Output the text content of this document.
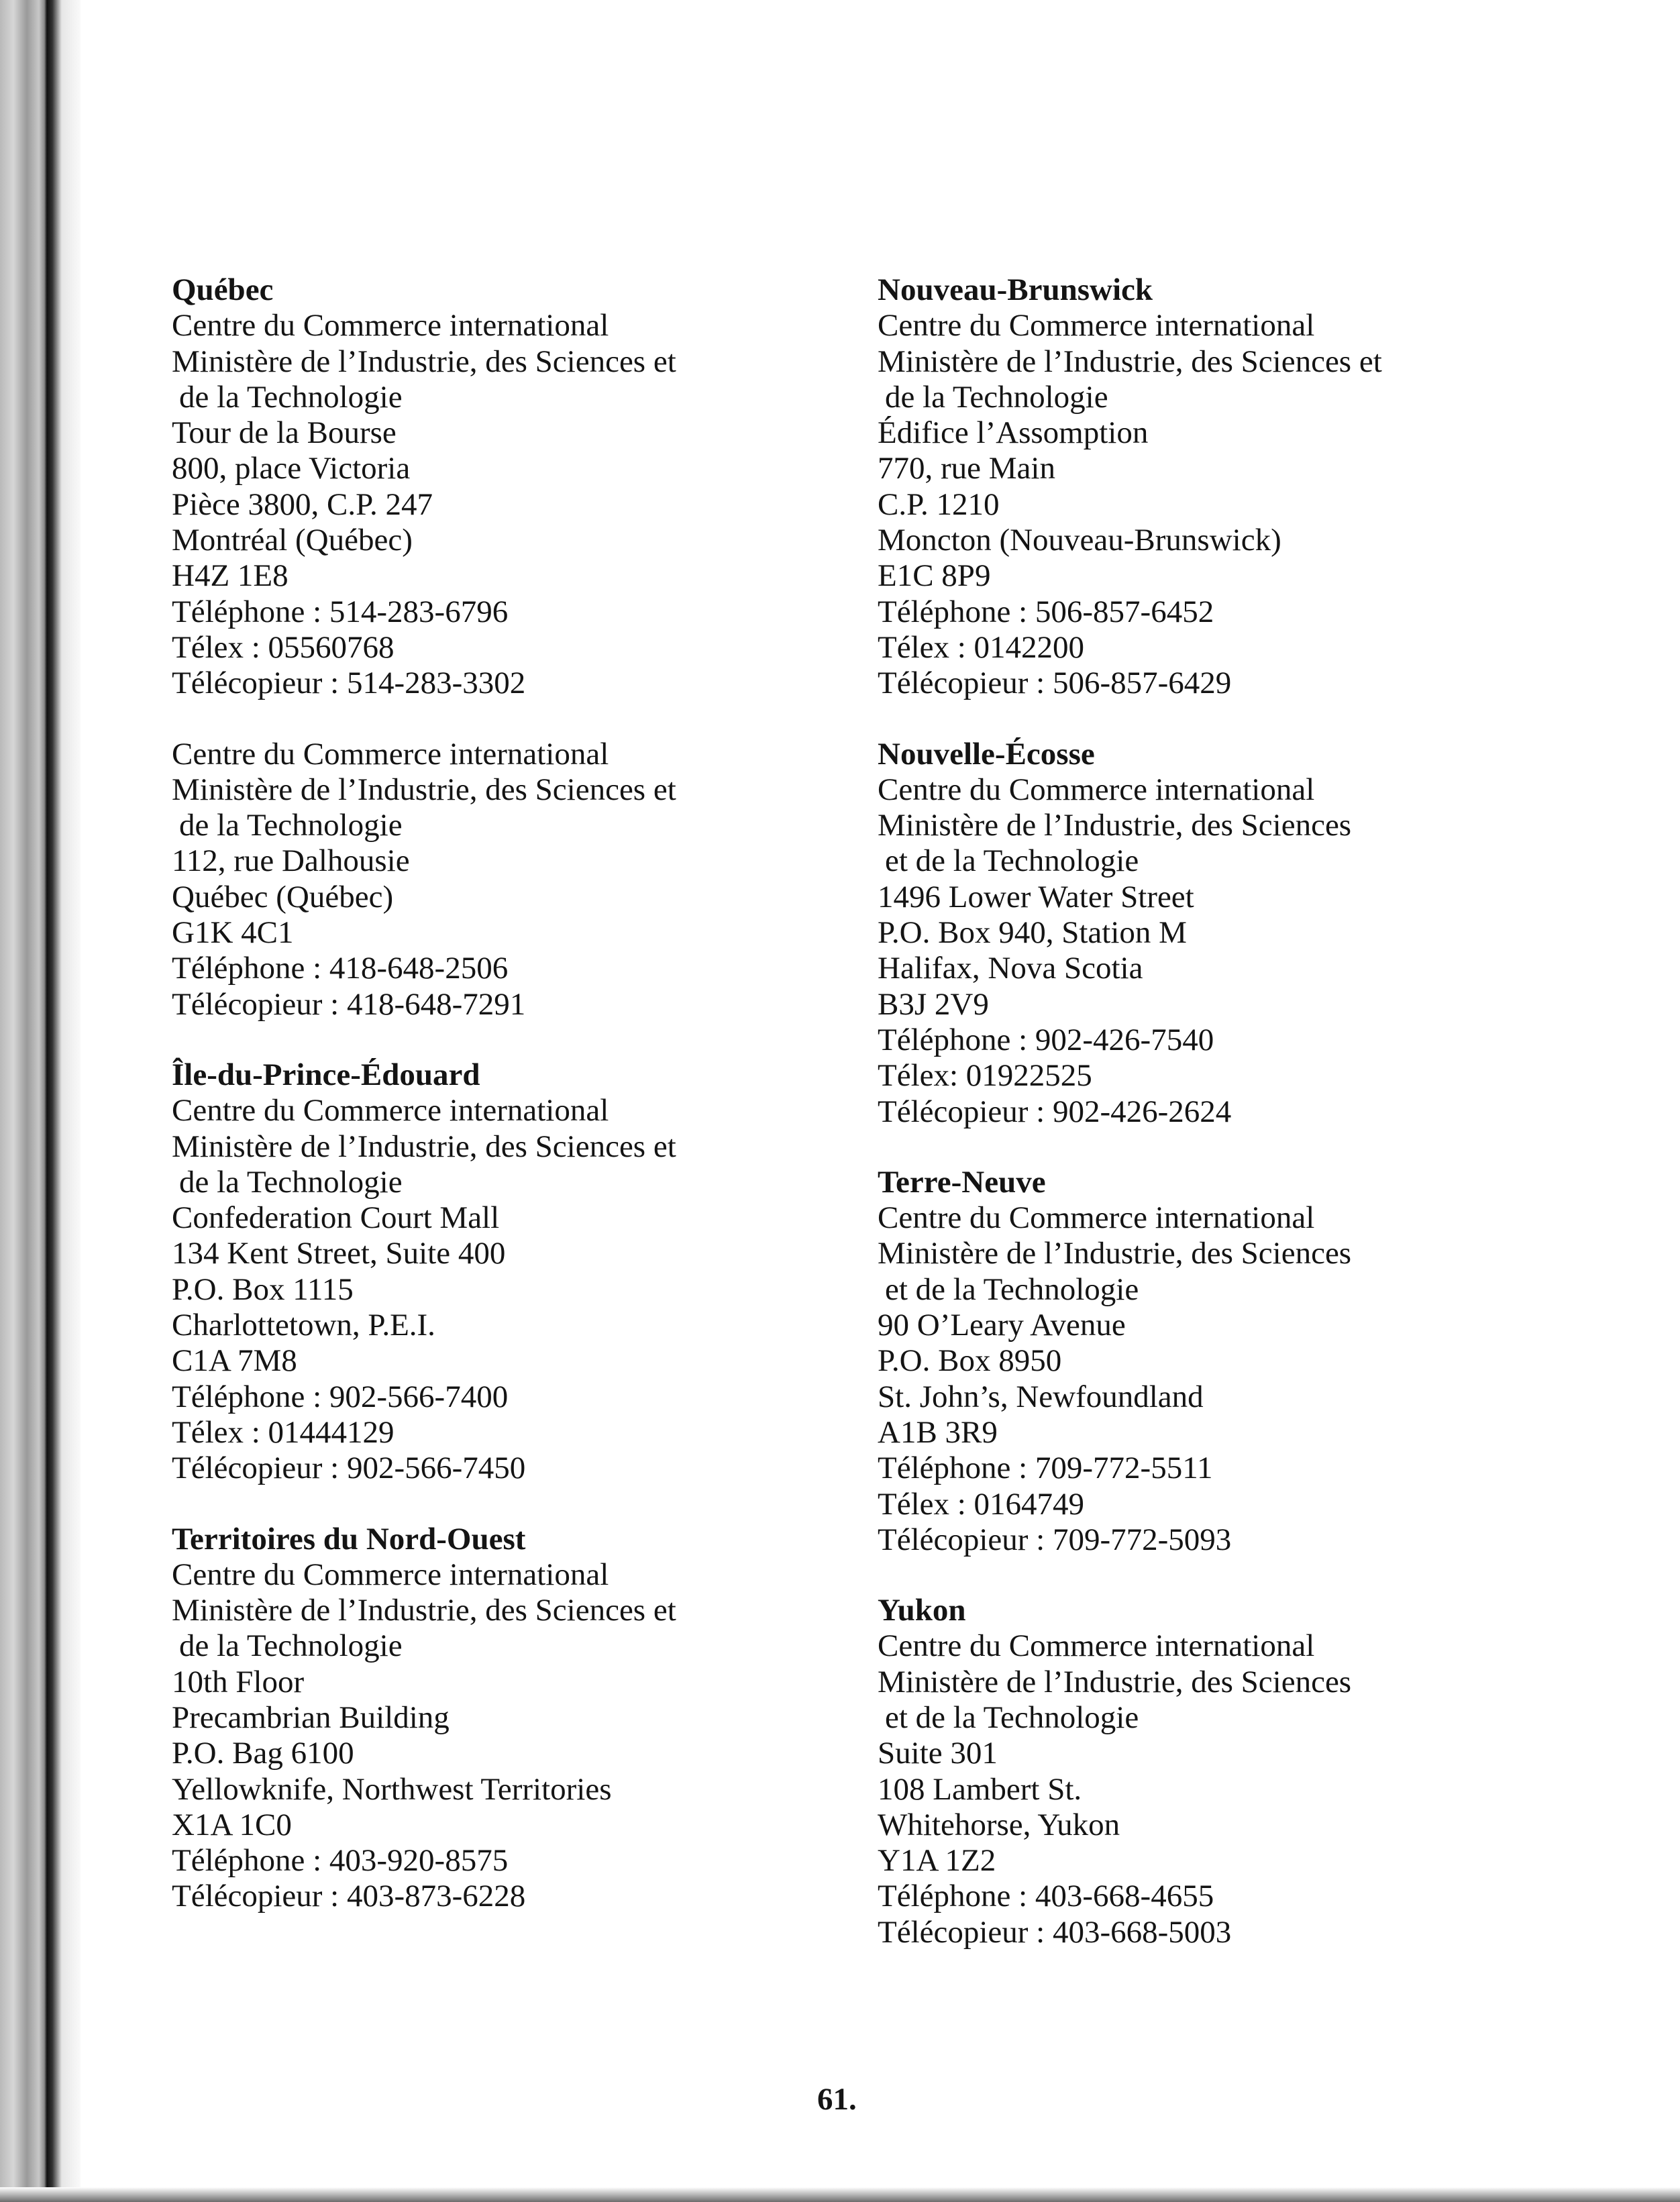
Québec
Centre du Commerce international
Ministère de l’Industrie, des Sciences et
de la Technologie
Tour de la Bourse
800, place Victoria
Pièce 3800, C.P. 247
Montréal (Québec)
H4Z 1E8
Téléphone : 514-283-6796
Télex : 05560768
Télécopieur : 514-283-3302
Centre du Commerce international
Ministère de l’Industrie, des Sciences et
de la Technologie
112, rue Dalhousie
Québec (Québec)
G1K 4C1
Téléphone : 418-648-2506
Télécopieur : 418-648-7291
Île-du-Prince-Édouard
Centre du Commerce international
Ministère de l’Industrie, des Sciences et
de la Technologie
Confederation Court Mall
134 Kent Street, Suite 400
P.O. Box 1115
Charlottetown, P.E.I.
C1A 7M8
Téléphone : 902-566-7400
Télex : 01444129
Télécopieur : 902-566-7450
Territoires du Nord-Ouest
Centre du Commerce international
Ministère de l’Industrie, des Sciences et
de la Technologie
10th Floor
Precambrian Building
P.O. Bag 6100
Yellowknife, Northwest Territories
X1A 1C0
Téléphone : 403-920-8575
Télécopieur : 403-873-6228
Nouveau-Brunswick
Centre du Commerce international
Ministère de l’Industrie, des Sciences et
de la Technologie
Édifice l’Assomption
770, rue Main
C.P. 1210
Moncton (Nouveau-Brunswick)
E1C 8P9
Téléphone : 506-857-6452
Télex : 0142200
Télécopieur : 506-857-6429
Nouvelle-Écosse
Centre du Commerce international
Ministère de l’Industrie, des Sciences
et de la Technologie
1496 Lower Water Street
P.O. Box 940, Station M
Halifax, Nova Scotia
B3J 2V9
Téléphone : 902-426-7540
Télex: 01922525
Télécopieur : 902-426-2624
Terre-Neuve
Centre du Commerce international
Ministère de l’Industrie, des Sciences
et de la Technologie
90 O’Leary Avenue
P.O. Box 8950
St. John’s, Newfoundland
A1B 3R9
Téléphone : 709-772-5511
Télex : 0164749
Télécopieur : 709-772-5093
Yukon
Centre du Commerce international
Ministère de l’Industrie, des Sciences
et de la Technologie
Suite 301
108 Lambert St.
Whitehorse, Yukon
Y1A 1Z2
Téléphone : 403-668-4655
Télécopieur : 403-668-5003
61.
